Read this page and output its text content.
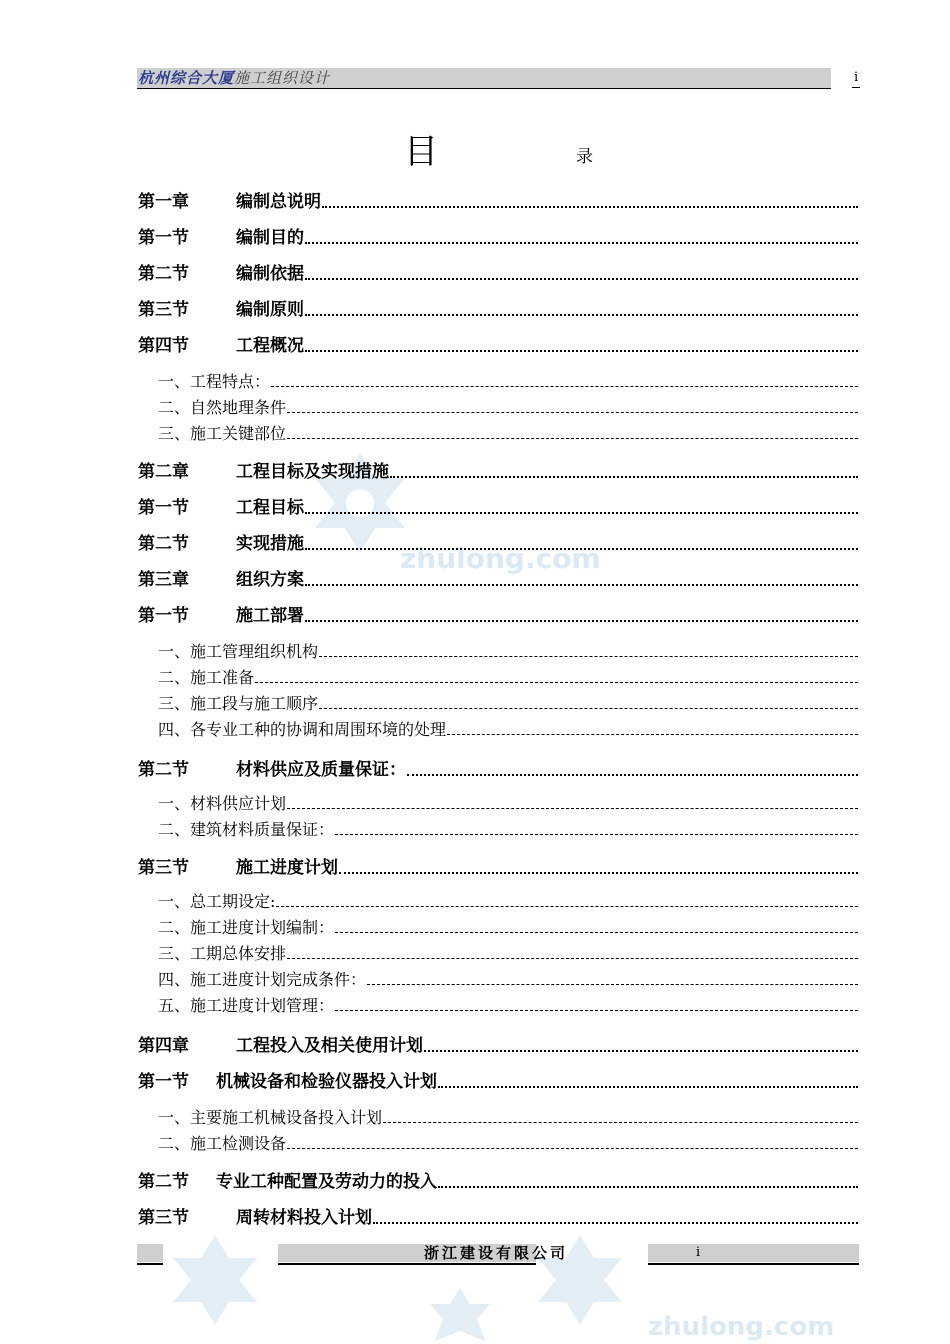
杭州综合大厦施工组织设计	i
zhulong.com
zhulong.com
目	录
第一章	编制总说明
第一节	编制目的
第二节	编制依据
第三节	编制原则
第四节	工程概况
一、 工程特点：
二、 自然地理条件
三、 施工关键部位
第二章	工程目标及实现措施
第一节	工程目标
第二节	实现措施
第三章	组织方案
第一节	施工部署
一、 施工管理组织机构
二、 施工准备
三、 施工段与施工顺序
四、 各专业工种的协调和周围环境的处理
第二节	材料供应及质量保证：
一、 材料供应计划
二、 建筑材料质量保证：
第三节	施工进度计划
一、 总工期设定:
二、 施工进度计划编制：
三、 工期总体安排
四、 施工进度计划完成条件：
五、 施工进度计划管理：
第四章	工程投入及相关使用计划
第一节	机械设备和检验仪器投入计划
一、 主要施工机械设备投入计划
二、 施工检测设备
第二节	专业工种配置及劳动力的投入
第三节	周转材料投入计划
浙江建设有限公司	i
